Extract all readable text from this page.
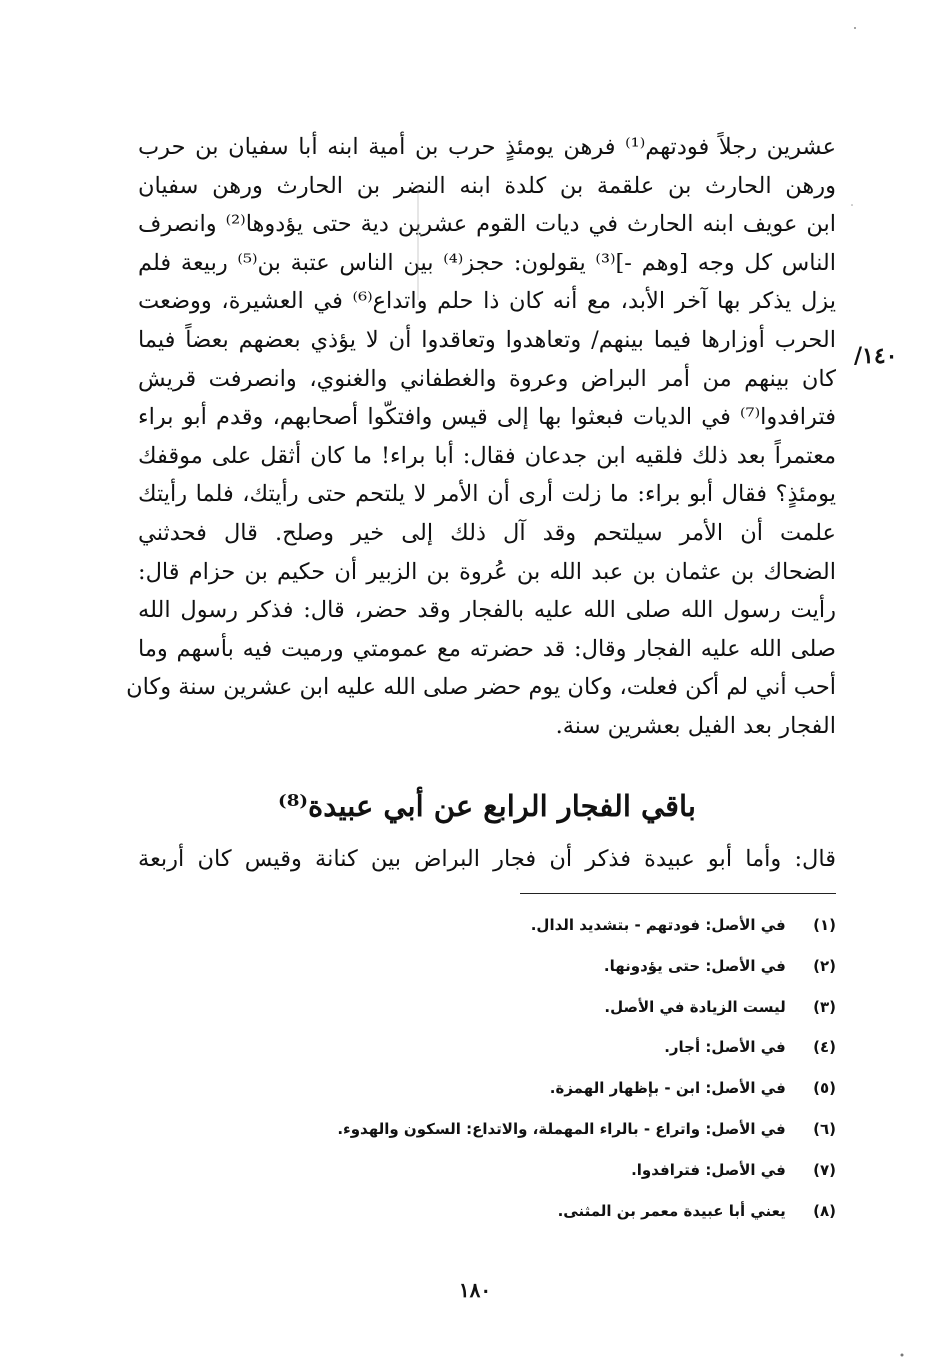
١٤٠/
عشرين رجلاً فودتهم⁽¹⁾ فرهن يومئذٍ حرب بن أمية ابنه أبا سفيان بن حرب
ورهن الحارث بن علقمة بن كلدة ابنه النضر بن الحارث ورهن سفيان
ابن عويف ابنه الحارث في ديات القوم عشرين دية حتى يؤدوها⁽²⁾ وانصرف
الناس كل وجه [وهم -]⁽³⁾ يقولون: حجز⁽⁴⁾ بين الناس عتبة بن⁽⁵⁾ ربيعة فلم
يزل يذكر بها آخر الأبد، مع أنه كان ذا حلم واتداع⁽⁶⁾ في العشيرة، ووضعت
الحرب أوزارها فيما بينهم/ وتعاهدوا وتعاقدوا أن لا يؤذي بعضهم بعضاً فيما
كان بينهم من أمر البراض وعروة والغطفاني والغنوي، وانصرفت قريش
فترافدوا⁽⁷⁾ في الديات فبعثوا بها إلى قيس وافتكّوا أصحابهم، وقدم أبو براء
معتمراً بعد ذلك فلقيه ابن جدعان فقال: أبا براء! ما كان أثقل على موقفك
يومئذٍ؟ فقال أبو براء: ما زلت أرى أن الأمر لا يلتحم حتى رأيتك، فلما رأيتك
علمت أن الأمر سيلتحم وقد آل ذلك إلى خير وصلح. قال فحدثني
الضحاك بن عثمان بن عبد الله بن عُروة بن الزبير أن حكيم بن حزام قال:
رأيت رسول الله صلى الله عليه بالفجار وقد حضر، قال: فذكر رسول الله
صلى الله عليه الفجار وقال: قد حضرته مع عمومتي ورميت فيه بأسهم وما
أحب أني لم أكن فعلت، وكان يوم حضر صلى الله عليه ابن عشرين سنة وكان
الفجار بعد الفيل بعشرين سنة.
باقي الفجار الرابع عن أبي عبيدة⁽⁸⁾
قال: وأما أبو عبيدة فذكر أن فجار البراض بين كنانة وقيس كان أربعة
(١) في الأصل: فودتهم - بتشديد الدال.
(٢) في الأصل: حتى يؤدونها.
(٣) ليست الزيادة في الأصل.
(٤) في الأصل: أجار.
(٥) في الأصل: ابن - بإظهار الهمزة.
(٦) في الأصل: واتراع - بالراء المهملة، والاتداع: السكون والهدوء.
(٧) في الأصل: فترافدوا.
(٨) يعني أبا عبيدة معمر بن المثنى.
١٨٠
